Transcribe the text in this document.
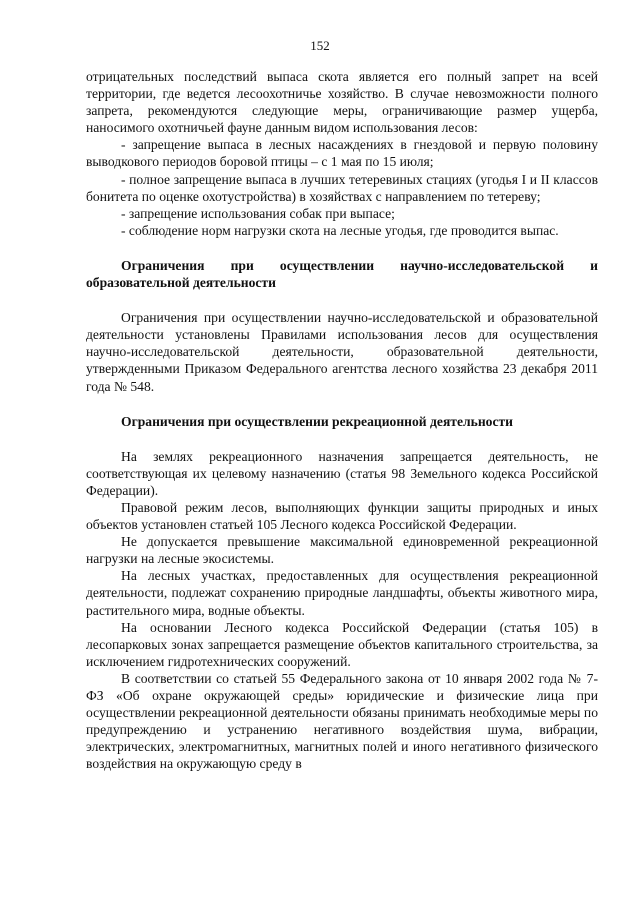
152

отрицательных последствий выпаса скота является его полный запрет на всей территории, где ведется лесоохотничье хозяйство. В случае невозможности полного запрета, рекомендуются следующие меры, ограничивающие размер ущерба, наносимого охотничьей фауне данным видом использования лесов:

- запрещение выпаса в лесных насаждениях в гнездовой и первую половину выводкового периодов боровой птицы – с 1 мая по 15 июля;

- полное запрещение выпаса в лучших тетеревиных стациях (угодья I и II классов бонитета по оценке охотустройства) в хозяйствах с направлением по тетереву;

- запрещение использования собак при выпасе;

- соблюдение норм нагрузки скота на лесные угодья, где проводится выпас.

Ограничения при осуществлении научно-исследовательской и образовательной деятельности

Ограничения при осуществлении научно-исследовательской и образовательной деятельности установлены Правилами использования лесов для осуществления научно-исследовательской деятельности, образовательной деятельности, утвержденными Приказом Федерального агентства лесного хозяйства 23 декабря 2011 года № 548.

Ограничения при осуществлении рекреационной деятельности

На землях рекреационного назначения запрещается деятельность, не соответствующая их целевому назначению (статья 98 Земельного кодекса Российской Федерации).

Правовой режим лесов, выполняющих функции защиты природных и иных объектов установлен статьей 105 Лесного кодекса Российской Федерации.

Не допускается превышение максимальной единовременной рекреационной нагрузки на лесные экосистемы.

На лесных участках, предоставленных для осуществления рекреационной деятельности, подлежат сохранению природные ландшафты, объекты животного мира, растительного мира, водные объекты.

На основании Лесного кодекса Российской Федерации (статья 105) в лесопарковых зонах запрещается размещение объектов капитального строительства, за исключением гидротехнических сооружений.

В соответствии со статьей 55 Федерального закона от 10 января 2002 года № 7-ФЗ «Об охране окружающей среды» юридические и физические лица при осуществлении рекреационной деятельности обязаны принимать необходимые меры по предупреждению и устранению негативного воздействия шума, вибрации, электрических, электромагнитных, магнитных полей и иного негативного физического воздействия на окружающую среду в
